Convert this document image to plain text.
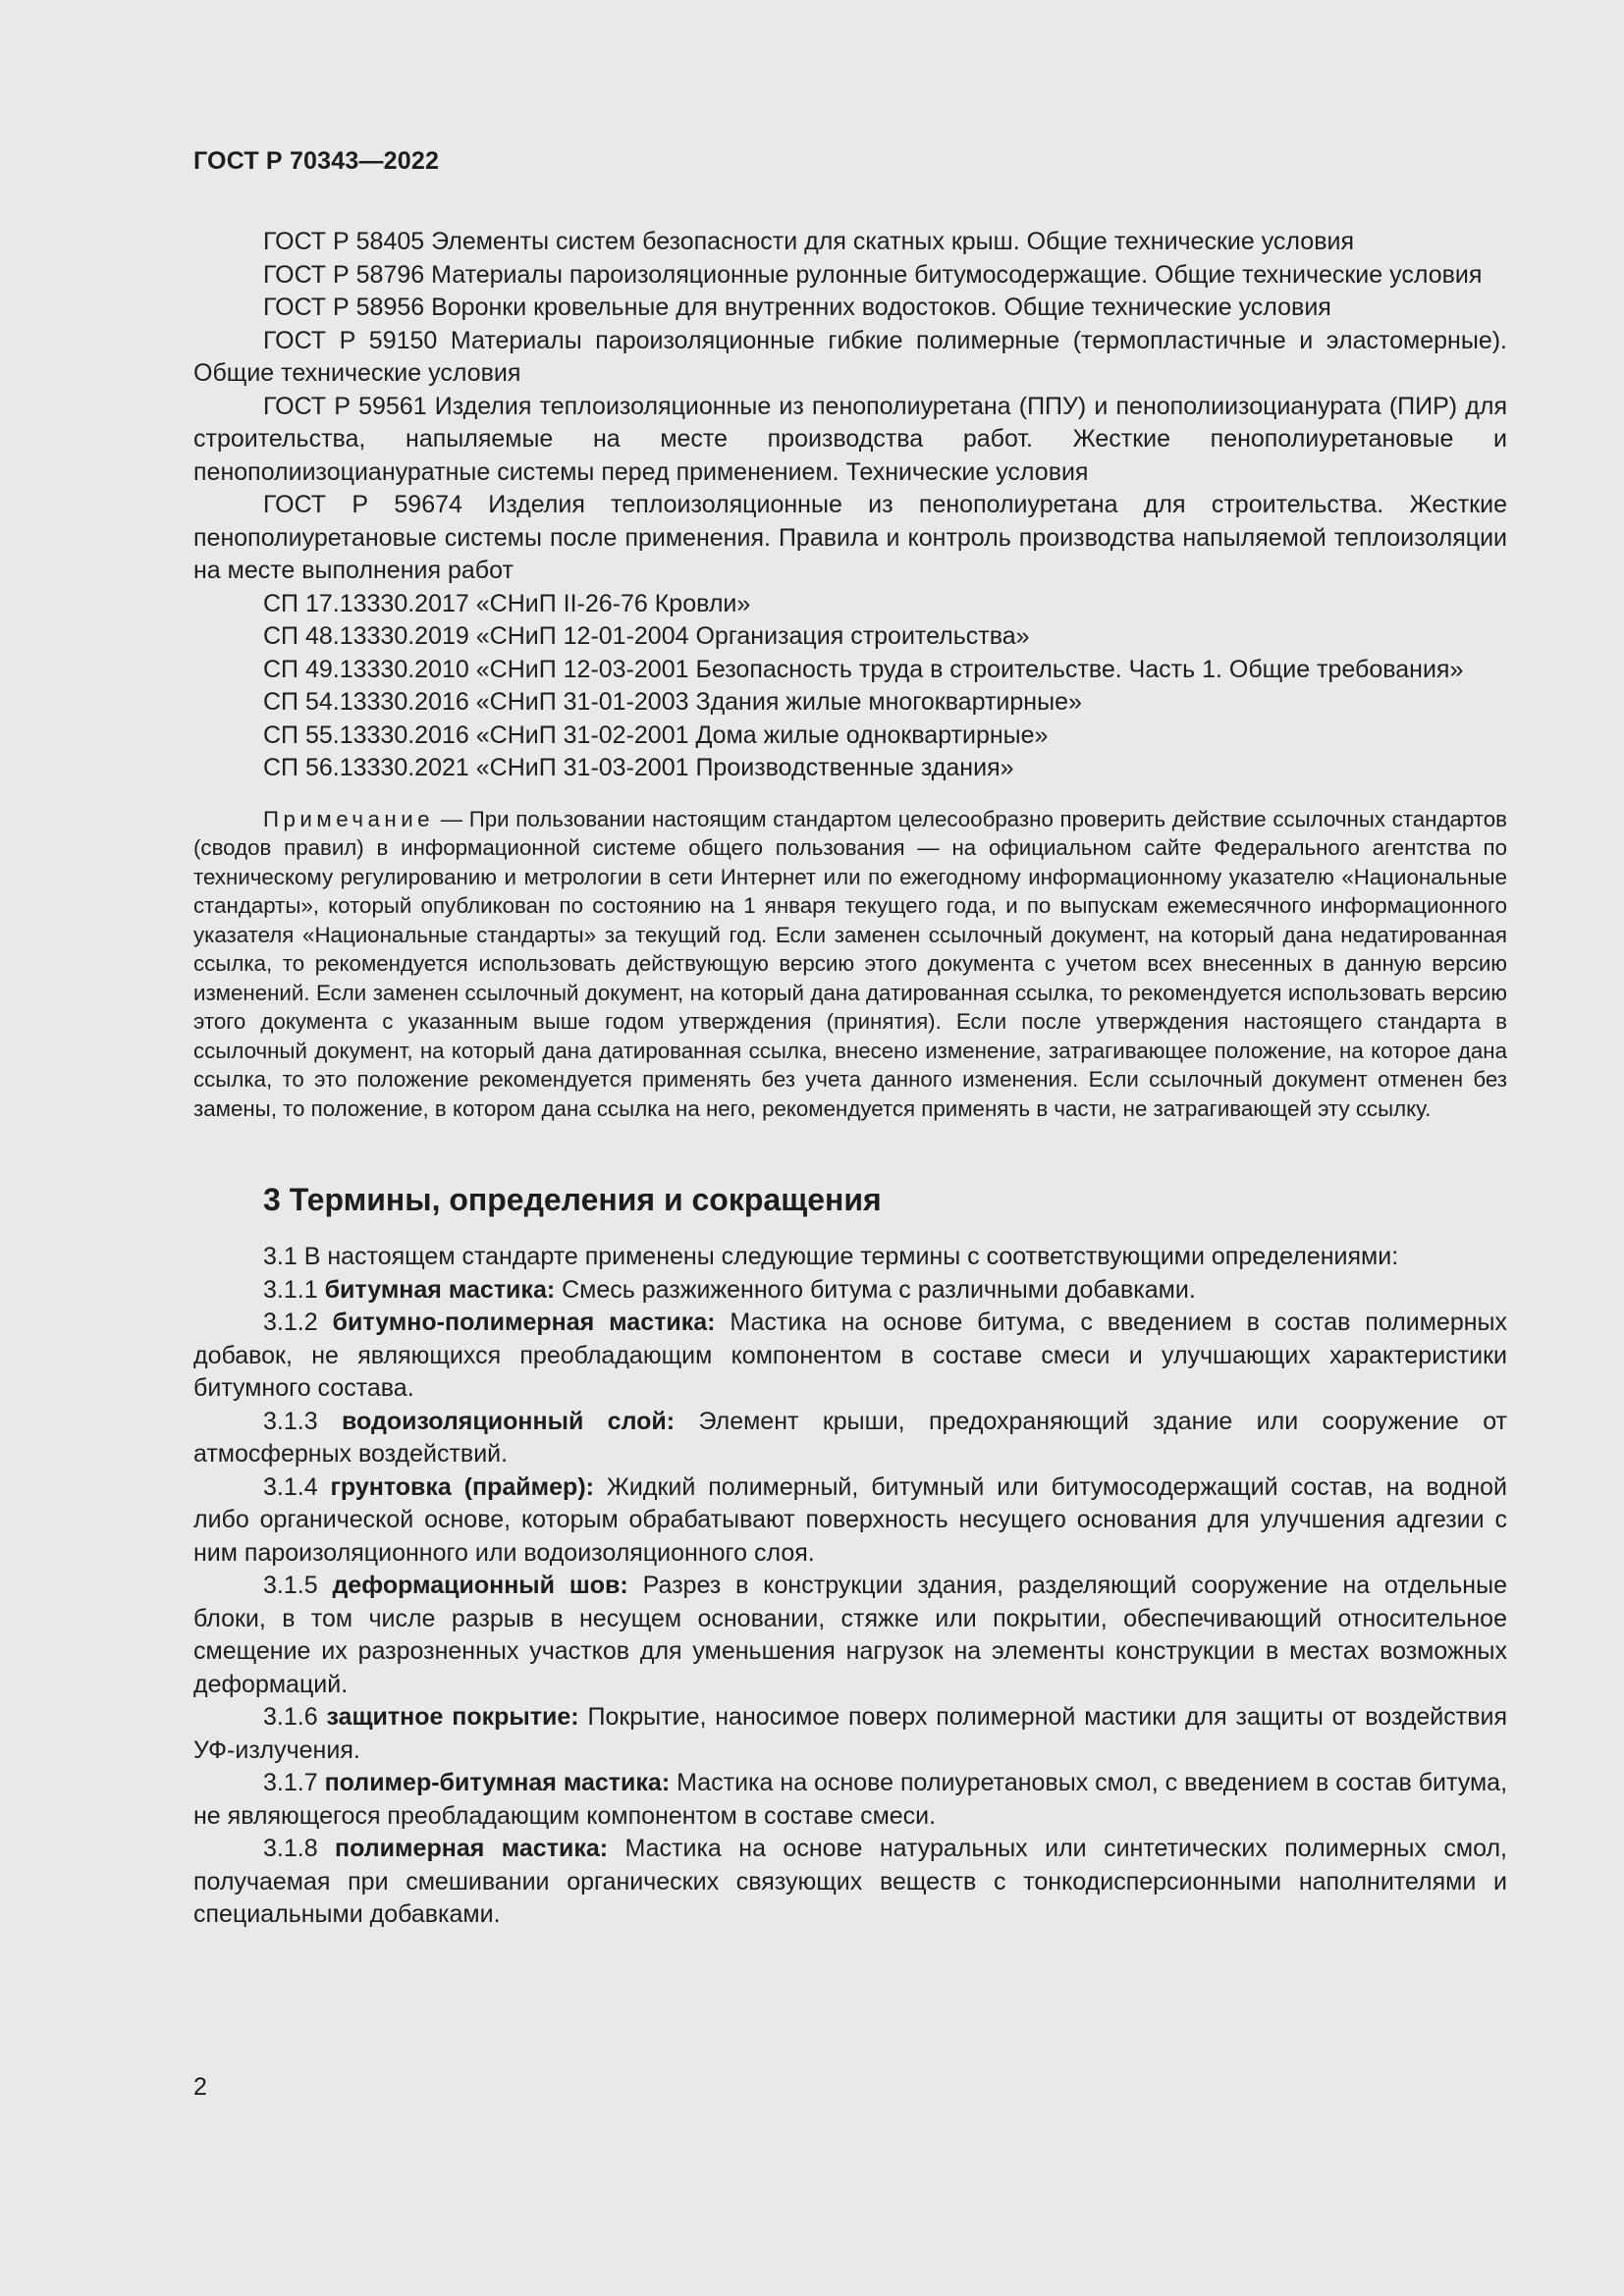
ГОСТ Р 70343—2022

ГОСТ Р 58405 Элементы систем безопасности для скатных крыш. Общие технические условия

ГОСТ Р 58796 Материалы пароизоляционные рулонные битумосодержащие. Общие технические условия

ГОСТ Р 58956 Воронки кровельные для внутренних водостоков. Общие технические условия

ГОСТ Р 59150 Материалы пароизоляционные гибкие полимерные (термопластичные и эластомерные). Общие технические условия

ГОСТ Р 59561 Изделия теплоизоляционные из пенополиуретана (ППУ) и пенополиизоцианурата (ПИР) для строительства, напыляемые на месте производства работ. Жесткие пенополиуретановые и пенополиизоциануратные системы перед применением. Технические условия

ГОСТ Р 59674 Изделия теплоизоляционные из пенополиуретана для строительства. Жесткие пенополиуретановые системы после применения. Правила и контроль производства напыляемой теплоизоляции на месте выполнения работ

СП 17.13330.2017 «СНиП II-26-76 Кровли»

СП 48.13330.2019 «СНиП 12-01-2004 Организация строительства»

СП 49.13330.2010 «СНиП 12-03-2001 Безопасность труда в строительстве. Часть 1. Общие требования»

СП 54.13330.2016 «СНиП 31-01-2003 Здания жилые многоквартирные»

СП 55.13330.2016 «СНиП 31-02-2001 Дома жилые одноквартирные»

СП 56.13330.2021 «СНиП 31-03-2001 Производственные здания»

Примечание — При пользовании настоящим стандартом целесообразно проверить действие ссылочных стандартов (сводов правил) в информационной системе общего пользования — на официальном сайте Федерального агентства по техническому регулированию и метрологии в сети Интернет или по ежегодному информационному указателю «Национальные стандарты», который опубликован по состоянию на 1 января текущего года, и по выпускам ежемесячного информационного указателя «Национальные стандарты» за текущий год. Если заменен ссылочный документ, на который дана недатированная ссылка, то рекомендуется использовать действующую версию этого документа с учетом всех внесенных в данную версию изменений. Если заменен ссылочный документ, на который дана датированная ссылка, то рекомендуется использовать версию этого документа с указанным выше годом утверждения (принятия). Если после утверждения настоящего стандарта в ссылочный документ, на который дана датированная ссылка, внесено изменение, затрагивающее положение, на которое дана ссылка, то это положение рекомендуется применять без учета данного изменения. Если ссылочный документ отменен без замены, то положение, в котором дана ссылка на него, рекомендуется применять в части, не затрагивающей эту ссылку.

3 Термины, определения и сокращения

3.1 В настоящем стандарте применены следующие термины с соответствующими определениями:

3.1.1 битумная мастика: Смесь разжиженного битума с различными добавками.

3.1.2 битумно-полимерная мастика: Мастика на основе битума, с введением в состав полимерных добавок, не являющихся преобладающим компонентом в составе смеси и улучшающих характеристики битумного состава.

3.1.3 водоизоляционный слой: Элемент крыши, предохраняющий здание или сооружение от атмосферных воздействий.

3.1.4 грунтовка (праймер): Жидкий полимерный, битумный или битумосодержащий состав, на водной либо органической основе, которым обрабатывают поверхность несущего основания для улучшения адгезии с ним пароизоляционного или водоизоляционного слоя.

3.1.5 деформационный шов: Разрез в конструкции здания, разделяющий сооружение на отдельные блоки, в том числе разрыв в несущем основании, стяжке или покрытии, обеспечивающий относительное смещение их разрозненных участков для уменьшения нагрузок на элементы конструкции в местах возможных деформаций.

3.1.6 защитное покрытие: Покрытие, наносимое поверх полимерной мастики для защиты от воздействия УФ-излучения.

3.1.7 полимер-битумная мастика: Мастика на основе полиуретановых смол, с введением в состав битума, не являющегося преобладающим компонентом в составе смеси.

3.1.8 полимерная мастика: Мастика на основе натуральных или синтетических полимерных смол, получаемая при смешивании органических связующих веществ с тонкодисперсионными наполнителями и специальными добавками.

2
